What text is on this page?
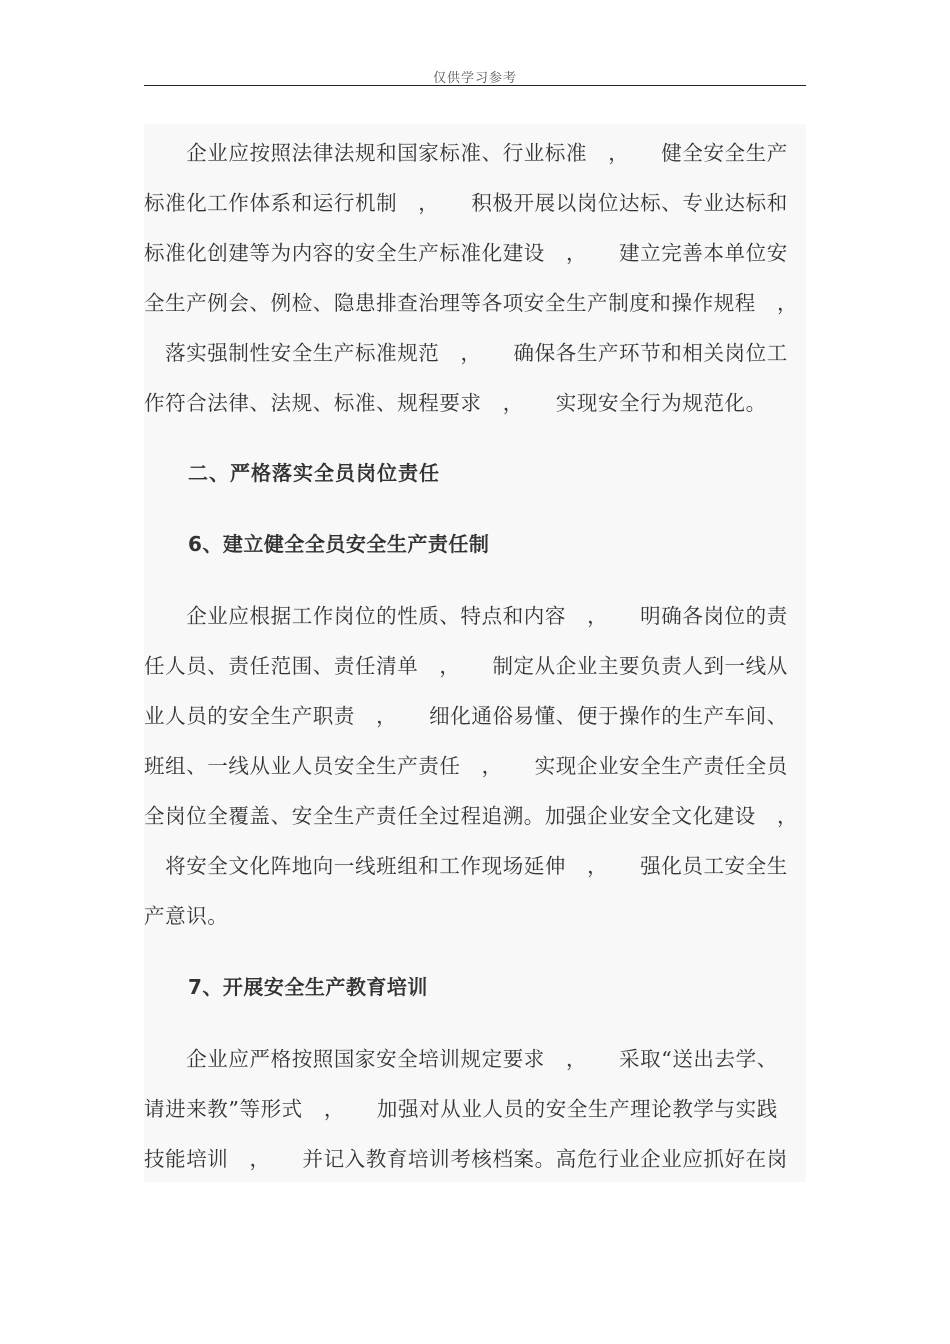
仅供学习参考
　　企业应按照法律法规和国家标准、行业标准　，　　健全安全生产
标准化工作体系和运行机制　，　　积极开展以岗位达标、专业达标和
标准化创建等为内容的安全生产标准化建设　，　　建立完善本单位安
全生产例会、例检、隐患排查治理等各项安全生产制度和操作规程　，
　落实强制性安全生产标准规范　，　　确保各生产环节和相关岗位工
作符合法律、法规、标准、规程要求　，　　实现安全行为规范化。
二、严格落实全员岗位责任
6、建立健全全员安全生产责任制
　　企业应根据工作岗位的性质、特点和内容　，　　明确各岗位的责
任人员、责任范围、责任清单　，　　制定从企业主要负责人到一线从
业人员的安全生产职责　，　　细化通俗易懂、便于操作的生产车间、
班组、一线从业人员安全生产责任　，　　实现企业安全生产责任全员
全岗位全覆盖、安全生产责任全过程追溯。加强企业安全文化建设　，
　将安全文化阵地向一线班组和工作现场延伸　，　　强化员工安全生
产意识。
7、开展安全生产教育培训
　　企业应严格按照国家安全培训规定要求　，　　采取“送出去学、
请进来教”等形式　，　　加强对从业人员的安全生产理论教学与实践
技能培训　，　　并记入教育培训考核档案。高危行业企业应抓好在岗
